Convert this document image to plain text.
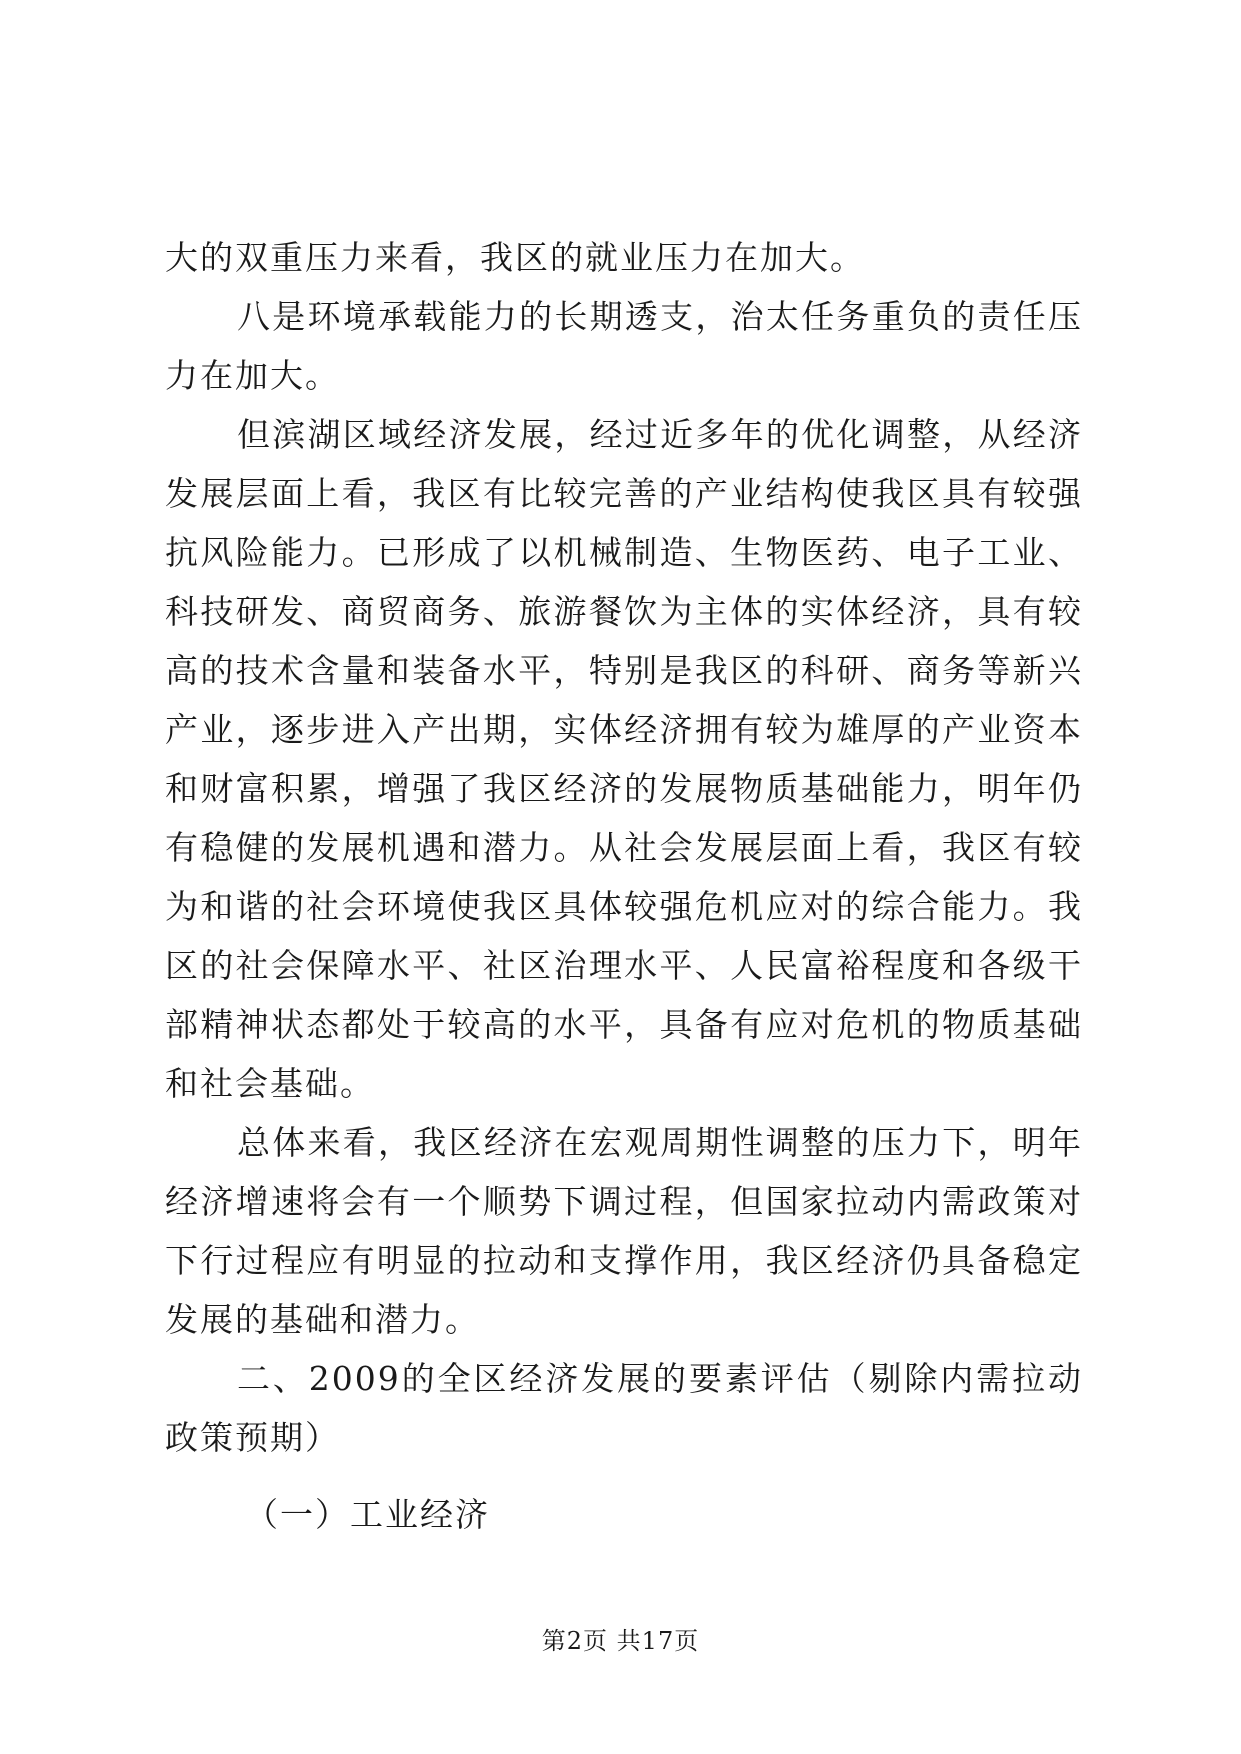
大的双重压力来看，我区的就业压力在加大。

八是环境承载能力的长期透支，治太任务重负的责任压力在加大。

但滨湖区域经济发展，经过近多年的优化调整，从经济发展层面上看，我区有比较完善的产业结构使我区具有较强抗风险能力。已形成了以机械制造、生物医药、电子工业、科技研发、商贸商务、旅游餐饮为主体的实体经济，具有较高的技术含量和装备水平，特别是我区的科研、商务等新兴产业，逐步进入产出期，实体经济拥有较为雄厚的产业资本和财富积累，增强了我区经济的发展物质基础能力，明年仍有稳健的发展机遇和潜力。从社会发展层面上看，我区有较为和谐的社会环境使我区具体较强危机应对的综合能力。我区的社会保障水平、社区治理水平、人民富裕程度和各级干部精神状态都处于较高的水平，具备有应对危机的物质基础和社会基础。

总体来看，我区经济在宏观周期性调整的压力下，明年经济增速将会有一个顺势下调过程，但国家拉动内需政策对下行过程应有明显的拉动和支撑作用，我区经济仍具备稳定发展的基础和潜力。

二、2009的全区经济发展的要素评估（剔除内需拉动政策预期）

（一）工业经济

第2页 共17页
